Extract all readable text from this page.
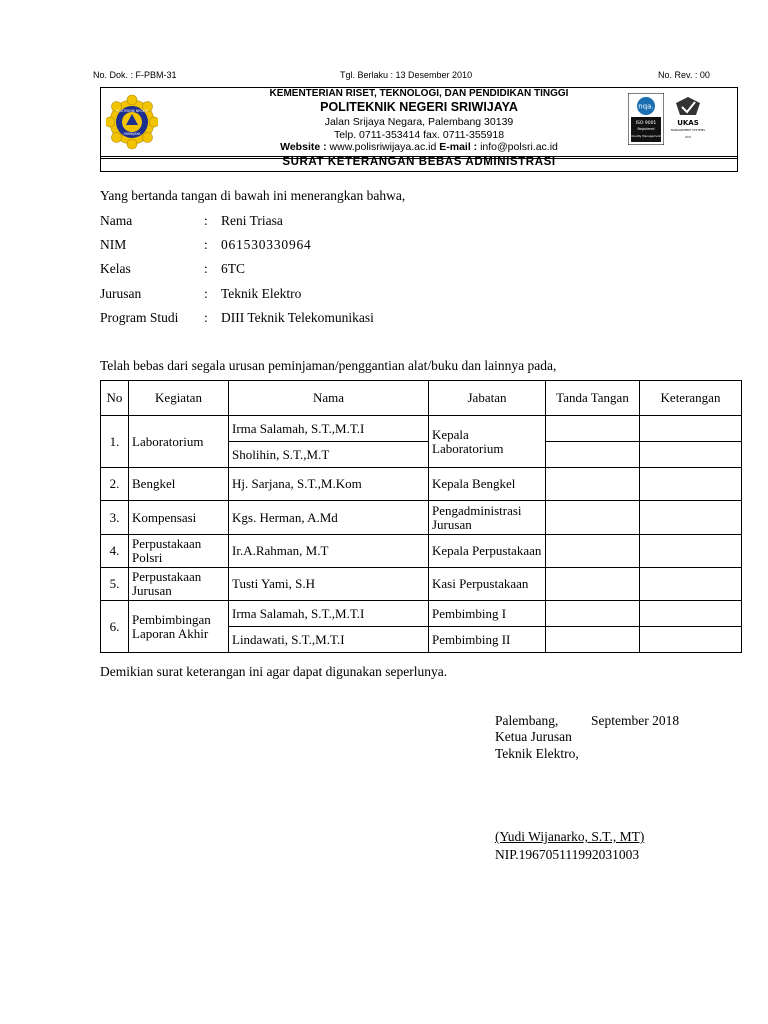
No. Dok. : F-PBM-31	Tgl. Berlaku : 13 Desember 2010	No. Rev. : 00
POLITEKNIK NEGERI
SRIWIJAYA
KEMENTERIAN RISET, TEKNOLOGI, DAN PENDIDIKAN TINGGI
POLITEKNIK NEGERI SRIWIJAYA
Jalan Srijaya Negara, Palembang 30139
Telp. 0711-353414 fax. 0711-355918
Website : www.polisriwijaya.ac.id E-mail : info@polsri.ac.id
SURAT KETERANGAN BEBAS ADMINISTRASI
nqa.
ISO 9001
Registered
Quality Management
UKAS
MANAGEMENT SYSTEMS
015
Yang bertanda tangan di bawah ini menerangkan bahwa,
Nama	: Reni Triasa
NIM	: 061530330964
Kelas	: 6TC
Jurusan	: Teknik Elektro
Program Studi : DIII Teknik Telekomunikasi
Telah bebas dari segala urusan peminjaman/penggantian alat/buku dan lainnya pada,
No	Kegiatan	Nama	Jabatan	Tanda Tangan	Keterangan
1.	Laboratorium	Irma Salamah, S.T.,M.T.I	Kepala Laboratorium		
		Sholihin, S.T.,M.T			
2.	Bengkel	Hj. Sarjana, S.T.,M.Kom	Kepala Bengkel		
3.	Kompensasi	Kgs. Herman, A.Md	Pengadministrasi Jurusan		
4.	Perpustakaan Polsri	Ir.A.Rahman, M.T	Kepala Perpustakaan		
5.	Perpustakaan Jurusan	Tusti Yami, S.H	Kasi Perpustakaan		
6.	Pembimbingan Laporan Akhir	Irma Salamah, S.T.,M.T.I	Pembimbing I		
		Lindawati, S.T.,M.T.I	Pembimbing II		
Demikian surat keterangan ini agar dapat digunakan seperlunya.
Palembang, September 2018
Ketua Jurusan
Teknik Elektro,
(Yudi Wijanarko, S.T., MT)
NIP.196705111992031003
